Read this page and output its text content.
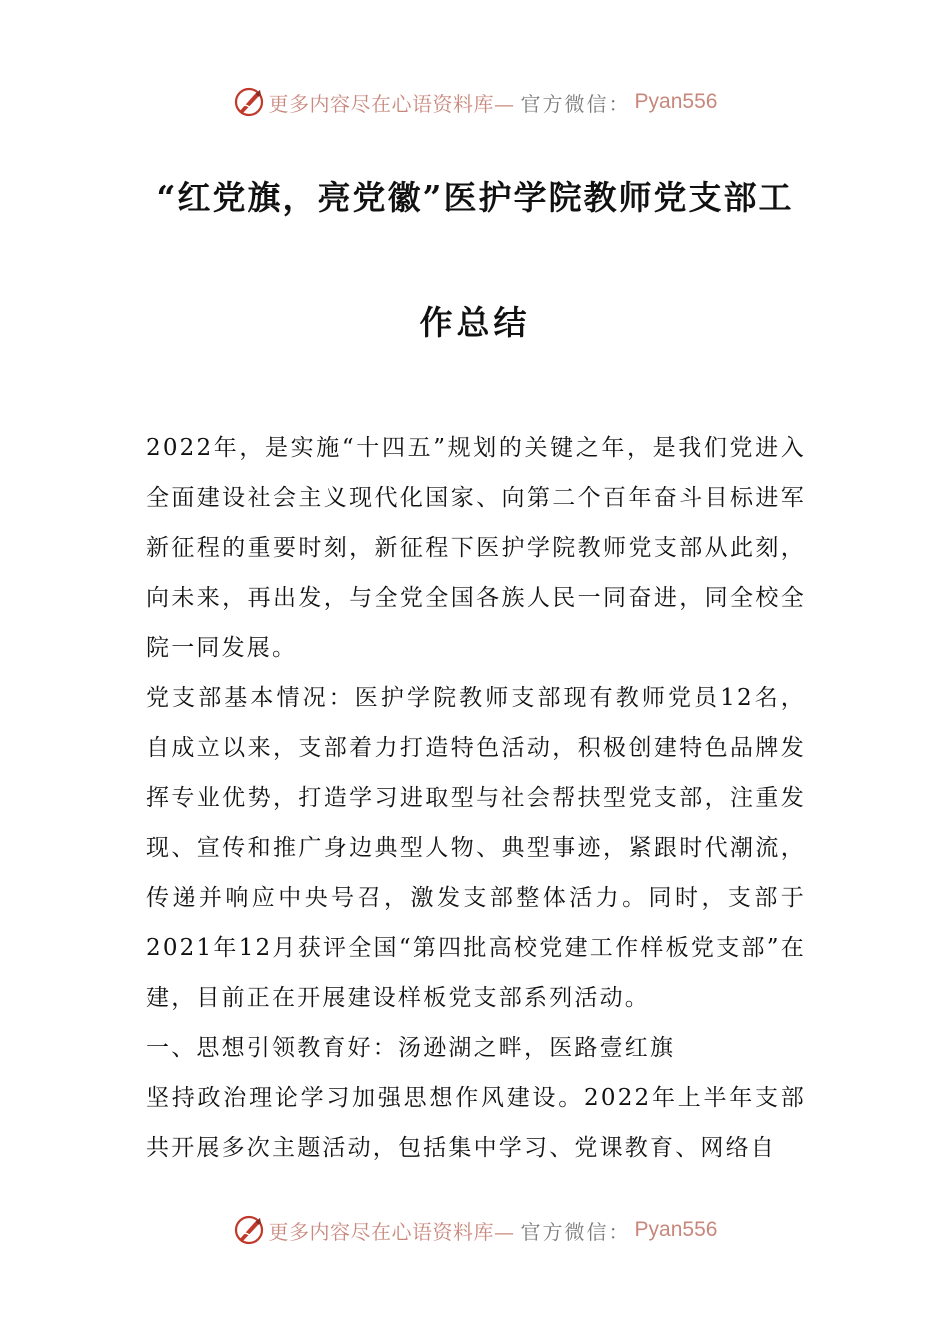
更多内容尽在心语资料库— 官方微信： Pyan556
“红党旗，亮党徽”医护学院教师党支部工
作总结

2022年，是实施“十四五”规划的关键之年，是我们党进入全面建设社会主义现代化国家、向第二个百年奋斗目标进军新征程的重要时刻，新征程下医护学院教师党支部从此刻，向未来，再出发，与全党全国各族人民一同奋进，同全校全院一同发展。

党支部基本情况：医护学院教师支部现有教师党员12名，自成立以来，支部着力打造特色活动，积极创建特色品牌发挥专业优势，打造学习进取型与社会帮扶型党支部，注重发现、宣传和推广身边典型人物、典型事迹，紧跟时代潮流，传递并响应中央号召，激发支部整体活力。同时，支部于2021年12月获评全国“第四批高校党建工作样板党支部”在建，目前正在开展建设样板党支部系列活动。

一、思想引领教育好：汤逊湖之畔，医路壹红旗

坚持政治理论学习加强思想作风建设。2022年上半年支部共开展多次主题活动，包括集中学习、党课教育、网络自

更多内容尽在心语资料库— 官方微信： Pyan556
